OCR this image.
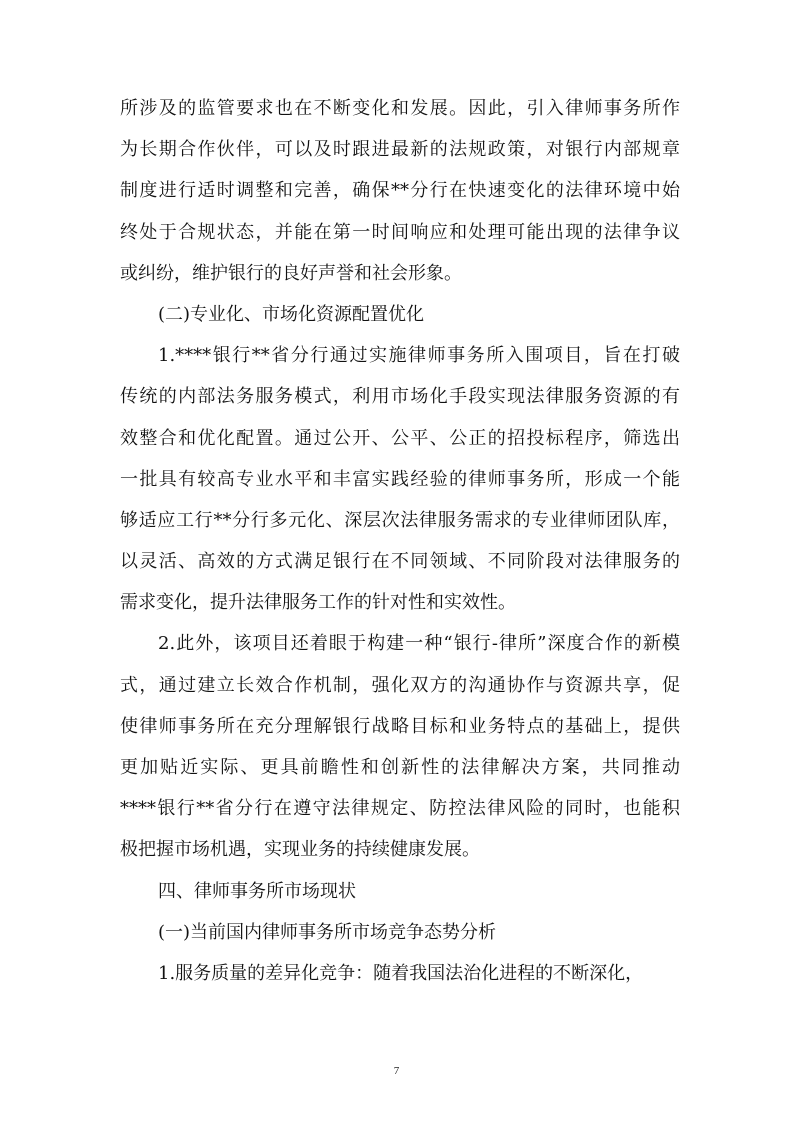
所涉及的监管要求也在不断变化和发展。因此，引入律师事务所作
为长期合作伙伴，可以及时跟进最新的法规政策，对银行内部规章
制度进行适时调整和完善，确保**分行在快速变化的法律环境中始
终处于合规状态，并能在第一时间响应和处理可能出现的法律争议
或纠纷，维护银行的良好声誉和社会形象。
(二)专业化、市场化资源配置优化
1.****银行**省分行通过实施律师事务所入围项目，旨在打破
传统的内部法务服务模式，利用市场化手段实现法律服务资源的有
效整合和优化配置。通过公开、公平、公正的招投标程序，筛选出
一批具有较高专业水平和丰富实践经验的律师事务所，形成一个能
够适应工行**分行多元化、深层次法律服务需求的专业律师团队库，
以灵活、高效的方式满足银行在不同领域、不同阶段对法律服务的
需求变化，提升法律服务工作的针对性和实效性。
2.此外，该项目还着眼于构建一种“银行-律所”深度合作的新模
式，通过建立长效合作机制，强化双方的沟通协作与资源共享，促
使律师事务所在充分理解银行战略目标和业务特点的基础上，提供
更加贴近实际、更具前瞻性和创新性的法律解决方案，共同推动
****银行**省分行在遵守法律规定、防控法律风险的同时，也能积
极把握市场机遇，实现业务的持续健康发展。
四、律师事务所市场现状
(一)当前国内律师事务所市场竞争态势分析
1.服务质量的差异化竞争：随着我国法治化进程的不断深化，
7
